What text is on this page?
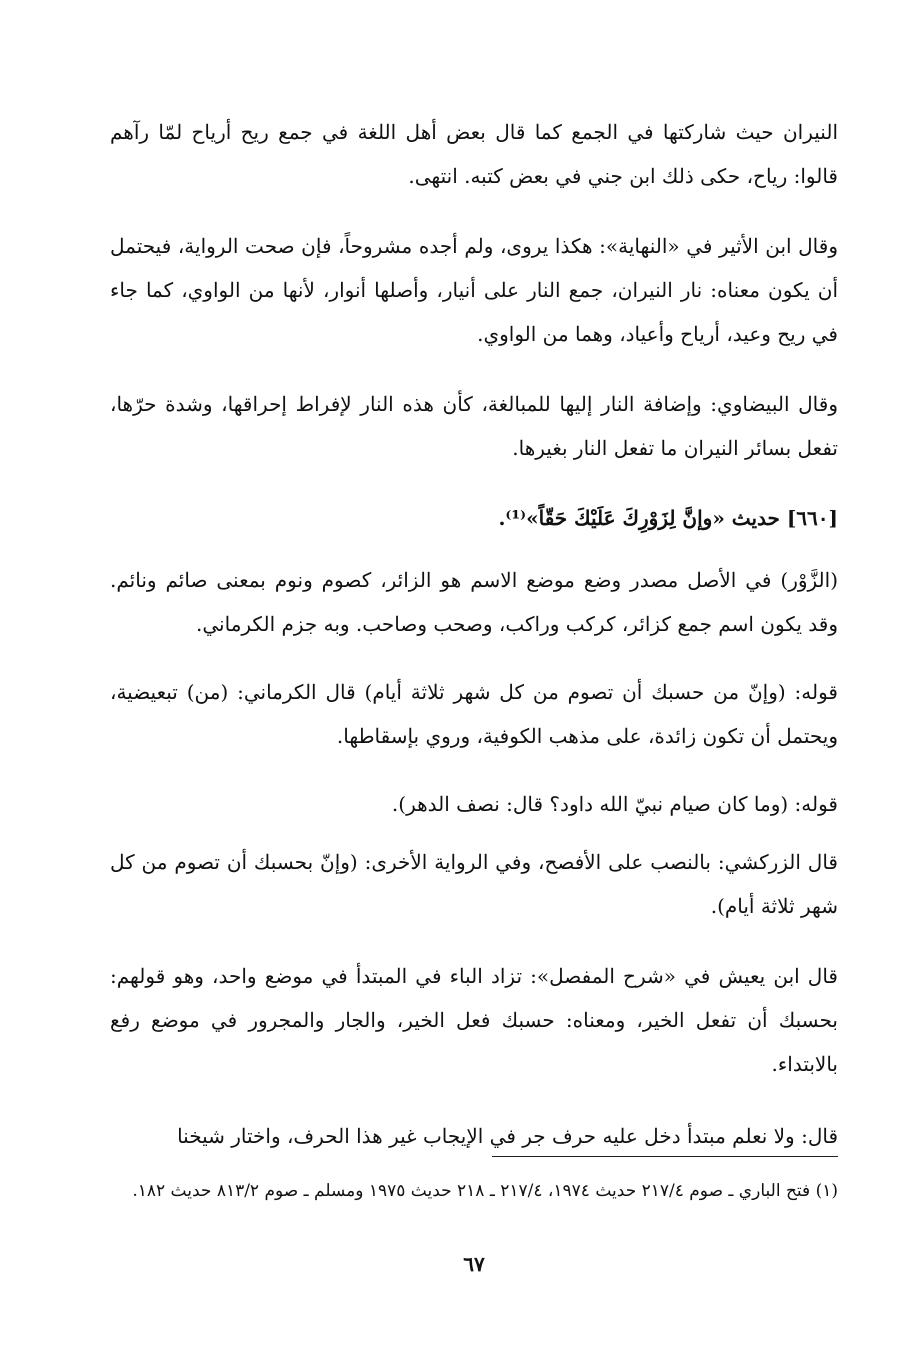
النيران حيث شاركتها في الجمع كما قال بعض أهل اللغة في جمع ريح أرياح لمّا رآهم قالوا: رياح، حكى ذلك ابن جني في بعض كتبه. انتهى.

وقال ابن الأثير في «النهاية»: هكذا يروى، ولم أجده مشروحاً، فإن صحت الرواية، فيحتمل أن يكون معناه: نار النيران، جمع النار على أنيار، وأصلها أنوار، لأنها من الواوي، كما جاء في ريح وعيد، أرياح وأعياد، وهما من الواوي.

وقال البيضاوي: وإضافة النار إليها للمبالغة، كأن هذه النار لإفراط إحراقها، وشدة حرّها، تفعل بسائر النيران ما تفعل النار بغيرها.

[٦٦٠] حديث «وإنَّ لِزَوْرِكَ عَلَيْكَ حَقّاً»⁽¹⁾.

(الزَّوْر) في الأصل مصدر وضع موضع الاسم هو الزائر، كصوم ونوم بمعنى صائم ونائم. وقد يكون اسم جمع كزائر، كركب وراكب، وصحب وصاحب. وبه جزم الكرماني.

قوله: (وإنّ من حسبك أن تصوم من كل شهر ثلاثة أيام) قال الكرماني: (من) تبعيضية، ويحتمل أن تكون زائدة، على مذهب الكوفية، وروي بإسقاطها.

قوله: (وما كان صيام نبيّ الله داود؟ قال: نصف الدهر).

قال الزركشي: بالنصب على الأفصح، وفي الرواية الأخرى: (وإنّ بحسبك أن تصوم من كل شهر ثلاثة أيام).

قال ابن يعيش في «شرح المفصل»: تزاد الباء في المبتدأ في موضع واحد، وهو قولهم: بحسبك أن تفعل الخير، ومعناه: حسبك فعل الخير، والجار والمجرور في موضع رفع بالابتداء.

قال: ولا نعلم مبتدأ دخل عليه حرف جر في الإيجاب غير هذا الحرف، واختار شيخنا

(١) فتح الباري ـ صوم ٢١٧/٤ حديث ١٩٧٤، ٢١٧/٤ ـ ٢١٨ حديث ١٩٧٥ ومسلم ـ صوم ٨١٣/٢ حديث ١٨٢.

٦٧
